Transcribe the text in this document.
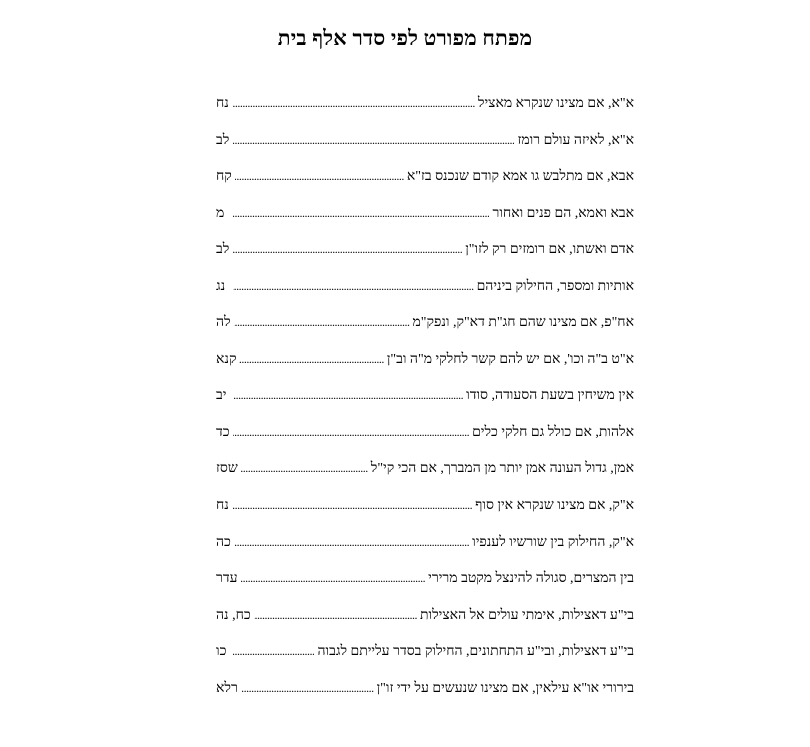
מפתח מפורט לפי סדר אלף בית
א"א, אם מצינו שנקרא מאציל
.....
נח
א"א, לאיזה עולם רומז
.....
לב
אבא, אם מתלבש גו אמא קודם שנכנס בז"א
.....
קח
אבא ואמא, הם פנים ואחור
.....
מ
אדם ואשתו, אם רומזים רק לזו"ן
.....
לב
אותיות ומספר, החילוק ביניהם
.....
נג
אח"פ, אם מצינו שהם חג"ת דא"ק, ונפק"מ
.....
לה
א"ט ב"ה וכו', אם יש להם קשר לחלקי מ"ה וב"ן
.....
קנא
אין משיחין בשעת הסעודה, סודו
.....
יב
אלהות, אם כולל גם חלקי כלים
.....
כד
אמן, גדול העונה אמן יותר מן המברך, אם הכי קי"ל
.....
שסז
א"ק, אם מצינו שנקרא אין סוף
.....
נח
א"ק, החילוק בין שורשיו לענפיו
.....
כה
בין המצרים, סגולה להינצל מקטב מרירי
.....
עדר
בי"ע דאצילות, אימתי עולים אל האצילות
.....
כח, נה
בי"ע דאצילות, ובי"ע התחתונים, החילוק בסדר עלייתם לגבוה
.....
כו
בירורי או"א עילאין, אם מצינו שנעשים על ידי זו"ן
.....
רלא
